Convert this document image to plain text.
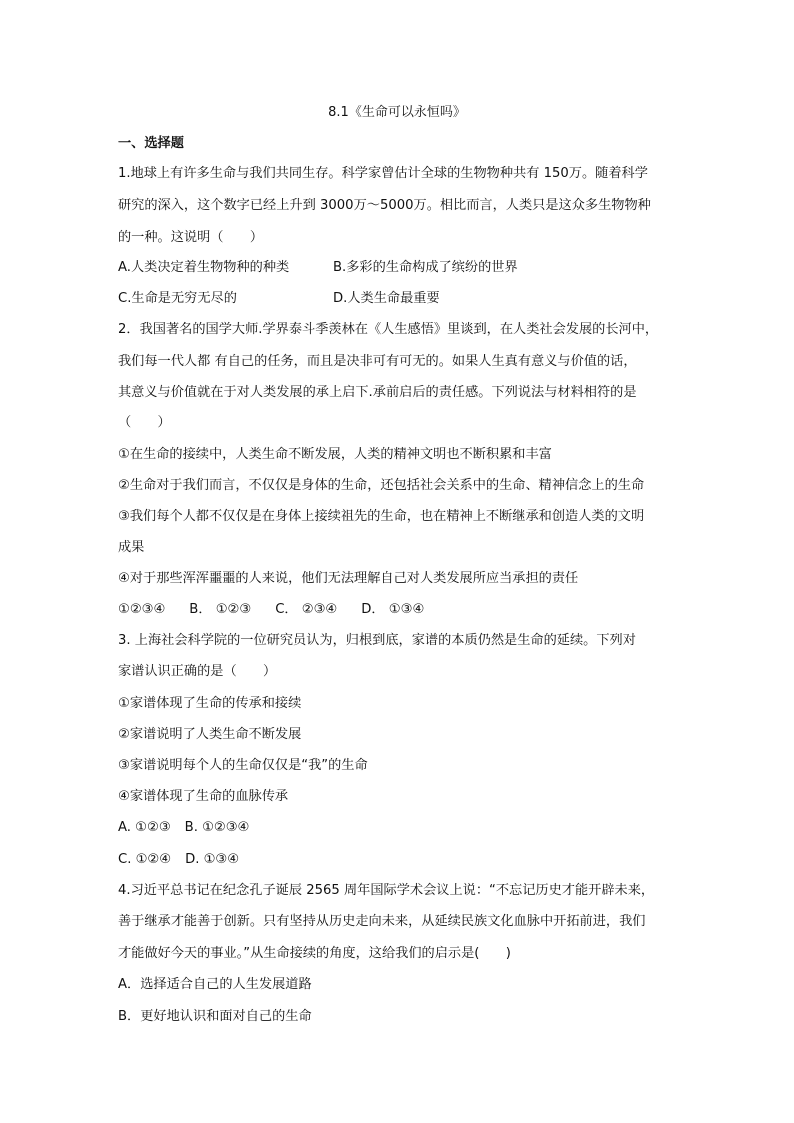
8.1《生命可以永恒吗》
一、选择题
1.地球上有许多生命与我们共同生存。科学家曾估计全球的生物物种共有 150万。随着科学
研究的深入，这个数字已经上升到 3000万～5000万。相比而言，人类只是这众多生物物种
的一种。这说明（　　）
A.人类决定着生物物种的种类	B.多彩的生命构成了缤纷的世界
C.生命是无穷无尽的	D.人类生命最重要
2．我国著名的国学大师.学界泰斗季羡林在《人生感悟》里谈到，在人类社会发展的长河中，
我们每一代人都 有自己的任务，而且是决非可有可无的。如果人生真有意义与价值的话，
其意义与价值就在于对人类发展的承上启下.承前启后的责任感。下列说法与材料相符的是
（　　）
①在生命的接续中，人类生命不断发展，人类的精神文明也不断积累和丰富
②生命对于我们而言，不仅仅是身体的生命，还包括社会关系中的生命、精神信念上的生命
③我们每个人都不仅仅是在身体上接续祖先的生命，也在精神上不断继承和创造人类的文明
成果
④对于那些浑浑噩噩的人来说，他们无法理解自己对人类发展所应当承担的责任
①②③④ B． ①②③ C． ②③④ D． ①③④
3. 上海社会科学院的一位研究员认为，归根到底，家谱的本质仍然是生命的延续。下列对
家谱认识正确的是（　　）
①家谱体现了生命的传承和接续
②家谱说明了人类生命不断发展
③家谱说明每个人的生命仅仅是“我”的生命
④家谱体现了生命的血脉传承
A. ①②③ B. ①②③④
C. ①②④ D. ①③④
4.习近平总书记在纪念孔子诞辰 2565 周年国际学术会议上说：“不忘记历史才能开辟未来，
善于继承才能善于创新。只有坚持从历史走向未来，从延续民族文化血脉中开拓前进，我们
才能做好今天的事业。”从生命接续的角度，这给我们的启示是(　　)
A．选择适合自己的人生发展道路
B．更好地认识和面对自己的生命
